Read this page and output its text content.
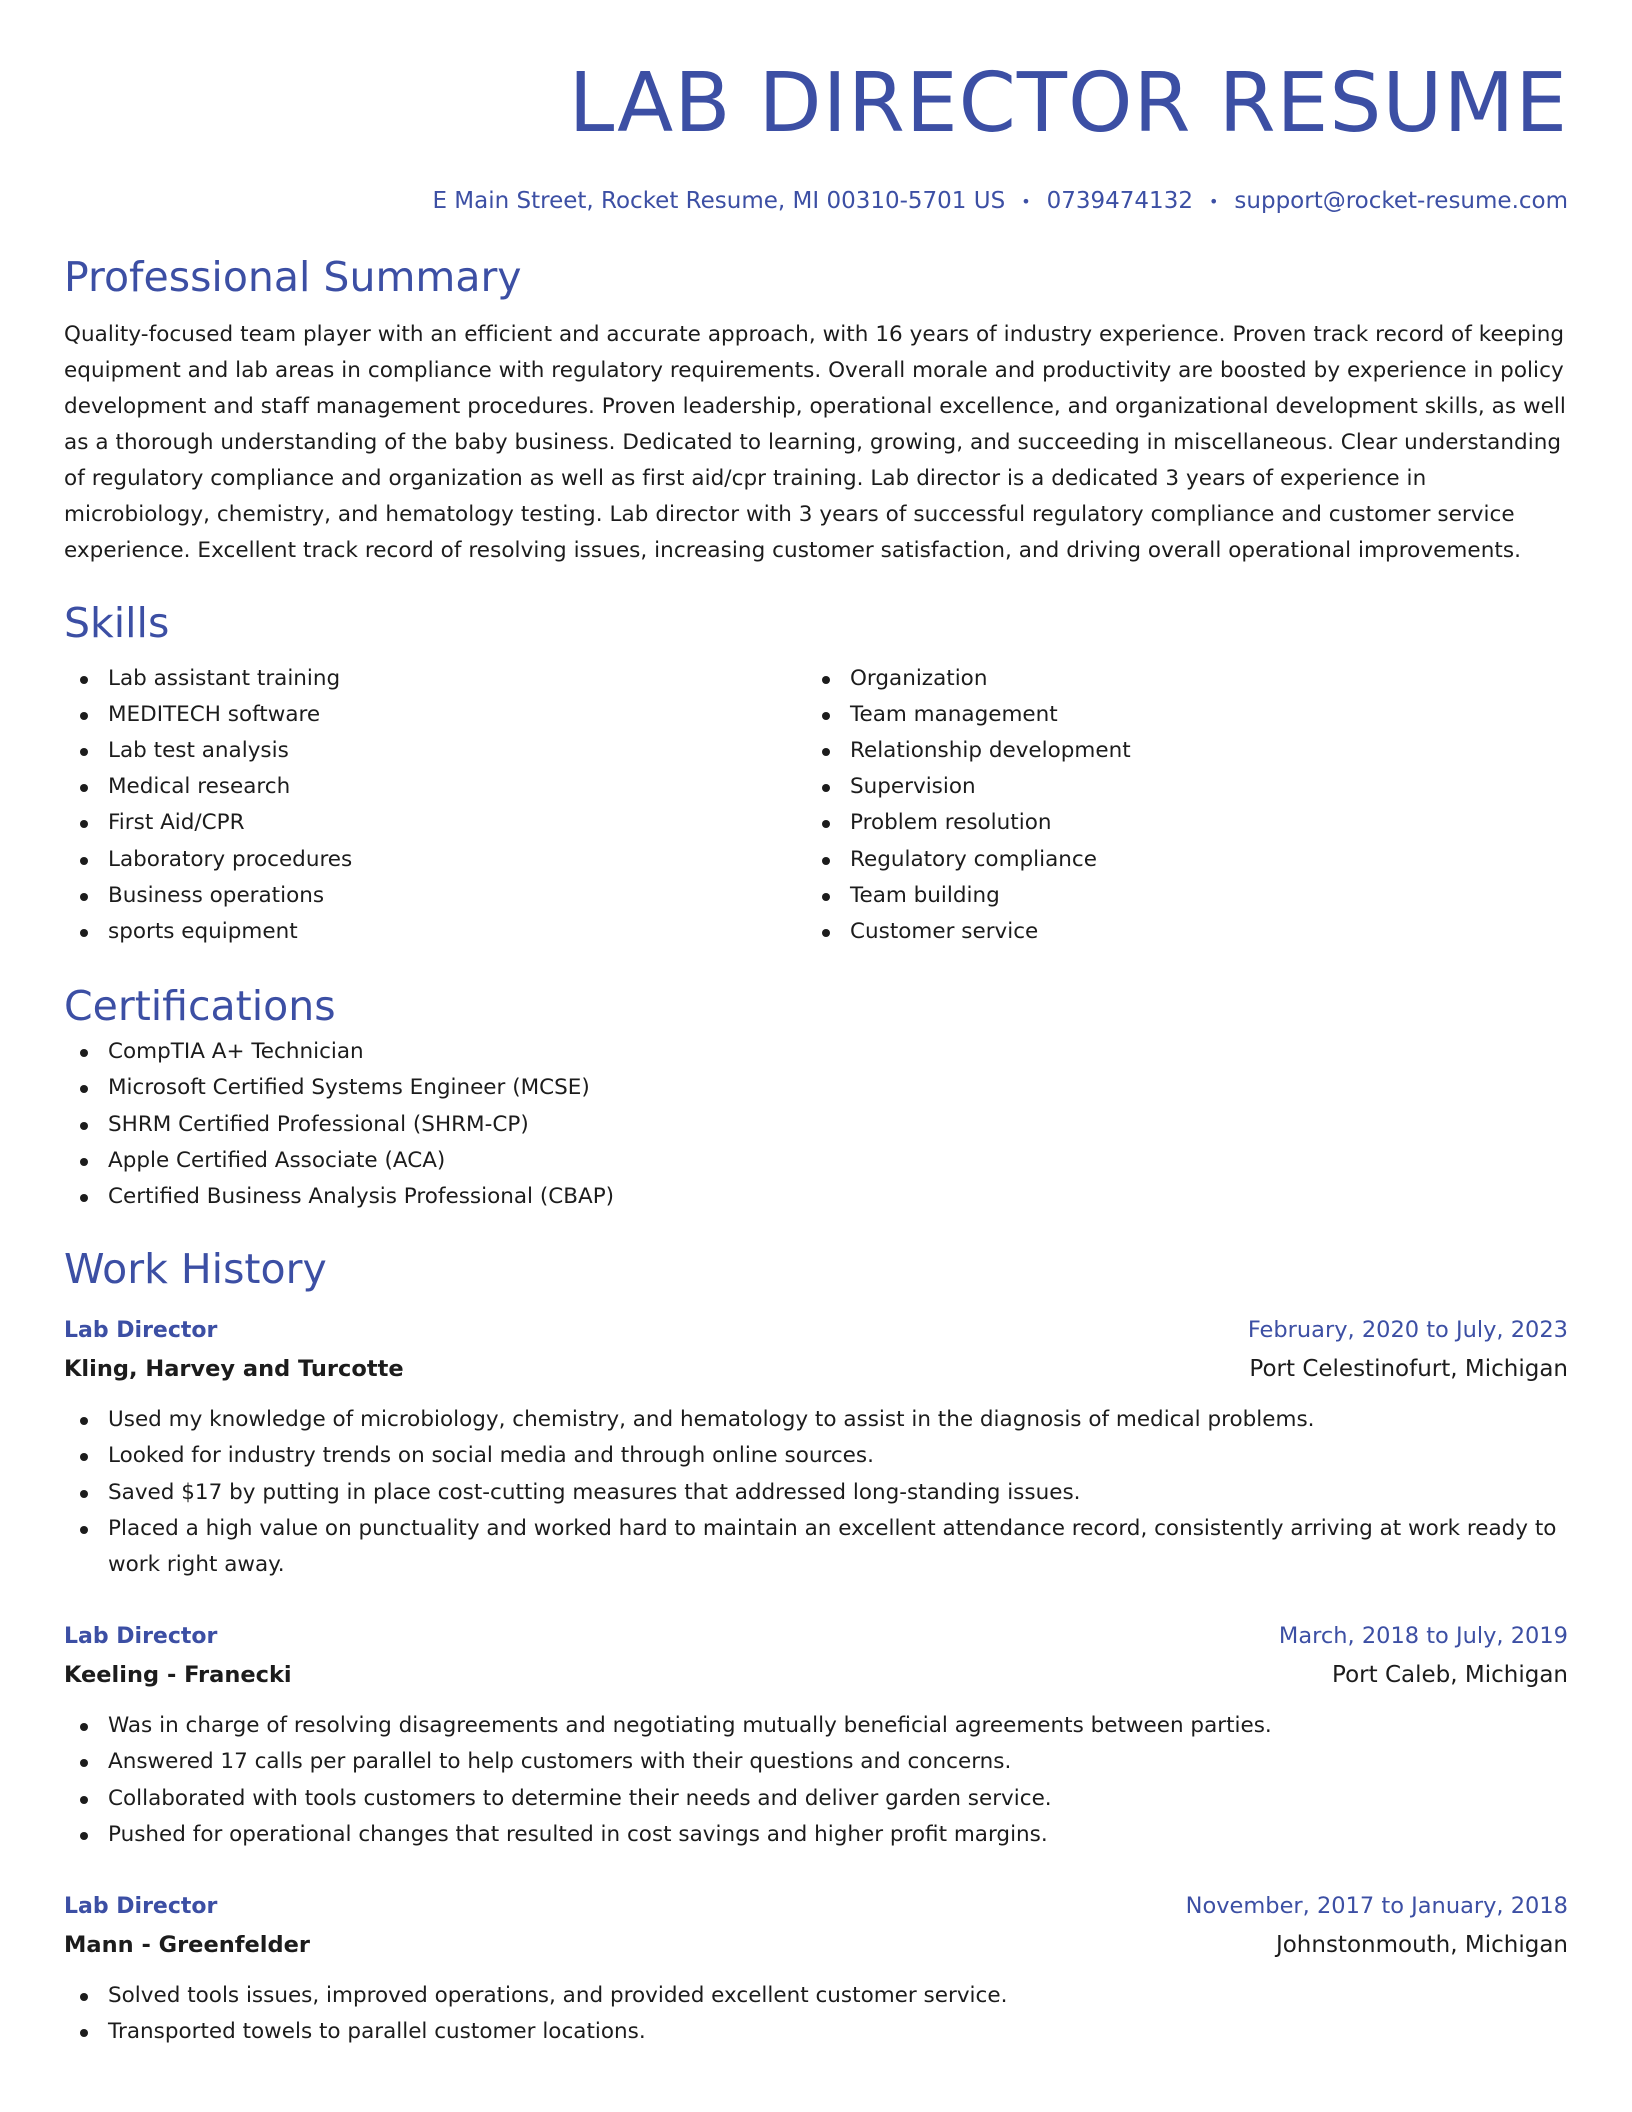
LAB DIRECTOR RESUME
E Main Street, Rocket Resume, MI 00310-5701 US • 0739474132 • support@rocket-resume.com
Professional Summary
Quality-focused team player with an efficient and accurate approach, with 16 years of industry experience. Proven track record of keeping equipment and lab areas in compliance with regulatory requirements. Overall morale and productivity are boosted by experience in policy development and staff management procedures. Proven leadership, operational excellence, and organizational development skills, as well as a thorough understanding of the baby business. Dedicated to learning, growing, and succeeding in miscellaneous. Clear understanding of regulatory compliance and organization as well as first aid/cpr training. Lab director is a dedicated 3 years of experience in microbiology, chemistry, and hematology testing. Lab director with 3 years of successful regulatory compliance and customer service experience. Excellent track record of resolving issues, increasing customer satisfaction, and driving overall operational improvements.
Skills
Lab assistant training
MEDITECH software
Lab test analysis
Medical research
First Aid/CPR
Laboratory procedures
Business operations
sports equipment
Organization
Team management
Relationship development
Supervision
Problem resolution
Regulatory compliance
Team building
Customer service
Certifications
CompTIA A+ Technician
Microsoft Certified Systems Engineer (MCSE)
SHRM Certified Professional (SHRM-CP)
Apple Certified Associate (ACA)
Certified Business Analysis Professional (CBAP)
Work History
Lab Director	February, 2020 to July, 2023
Kling, Harvey and Turcotte	Port Celestinofurt, Michigan
Used my knowledge of microbiology, chemistry, and hematology to assist in the diagnosis of medical problems.
Looked for industry trends on social media and through online sources.
Saved $17 by putting in place cost-cutting measures that addressed long-standing issues.
Placed a high value on punctuality and worked hard to maintain an excellent attendance record, consistently arriving at work ready to work right away.
Lab Director	March, 2018 to July, 2019
Keeling - Franecki	Port Caleb, Michigan
Was in charge of resolving disagreements and negotiating mutually beneficial agreements between parties.
Answered 17 calls per parallel to help customers with their questions and concerns.
Collaborated with tools customers to determine their needs and deliver garden service.
Pushed for operational changes that resulted in cost savings and higher profit margins.
Lab Director	November, 2017 to January, 2018
Mann - Greenfelder	Johnstonmouth, Michigan
Solved tools issues, improved operations, and provided excellent customer service.
Transported towels to parallel customer locations.
